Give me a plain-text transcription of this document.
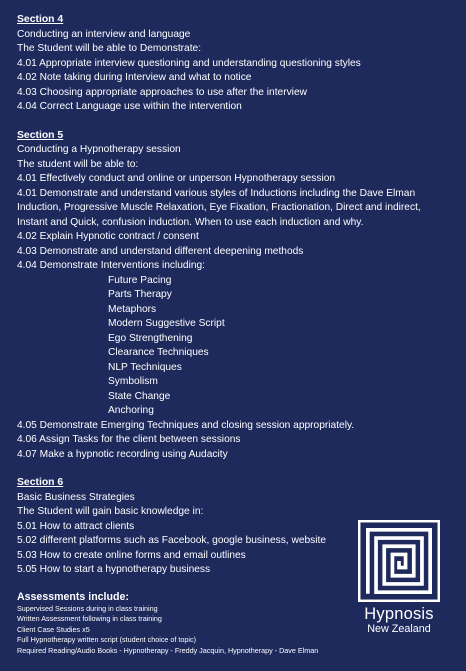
Section 4
Conducting an interview and language
The Student will be able to Demonstrate:
4.01 Appropriate interview questioning and understanding questioning styles
4.02 Note taking during Interview and what to notice
4.03 Choosing appropriate approaches to use after the interview
4.04 Correct Language use within the intervention
Section 5
Conducting a Hypnotherapy session
The student will be able to:
4.01 Effectively conduct and online or unperson Hypnotherapy session
4.01 Demonstrate and understand various styles of Inductions including the Dave Elman Induction, Progressive Muscle Relaxation, Eye Fixation, Fractionation, Direct and indirect, Instant and Quick, confusion induction. When to use each induction and why.
4.02 Explain Hypnotic contract / consent
4.03 Demonstrate and understand different deepening methods
4.04 Demonstrate Interventions including:
Future Pacing
Parts Therapy
Metaphors
Modern Suggestive Script
Ego Strengthening
Clearance Techniques
NLP Techniques
Symbolism
State Change
Anchoring
4.05 Demonstrate Emerging Techniques and closing session appropriately.
4.06 Assign Tasks for the client between sessions
4.07 Make a hypnotic recording using Audacity
Section 6
Basic Business Strategies
The Student will gain basic knowledge in:
5.01 How to attract clients
5.02 different platforms such as Facebook, google business, website
5.03 How to create online forms and email outlines
5.05 How to start a hypnotherapy business
Assessments include:
Supervised Sessions during in class training
Written Assessment following in class training
Client Case Studies x5
Full Hypnotherapy written script (student choice of topic)
Required Reading/Audio Books - Hypnotherapy - Freddy Jacquin, Hypnotherapy - Dave Elman
Hypnosis
New Zealand
